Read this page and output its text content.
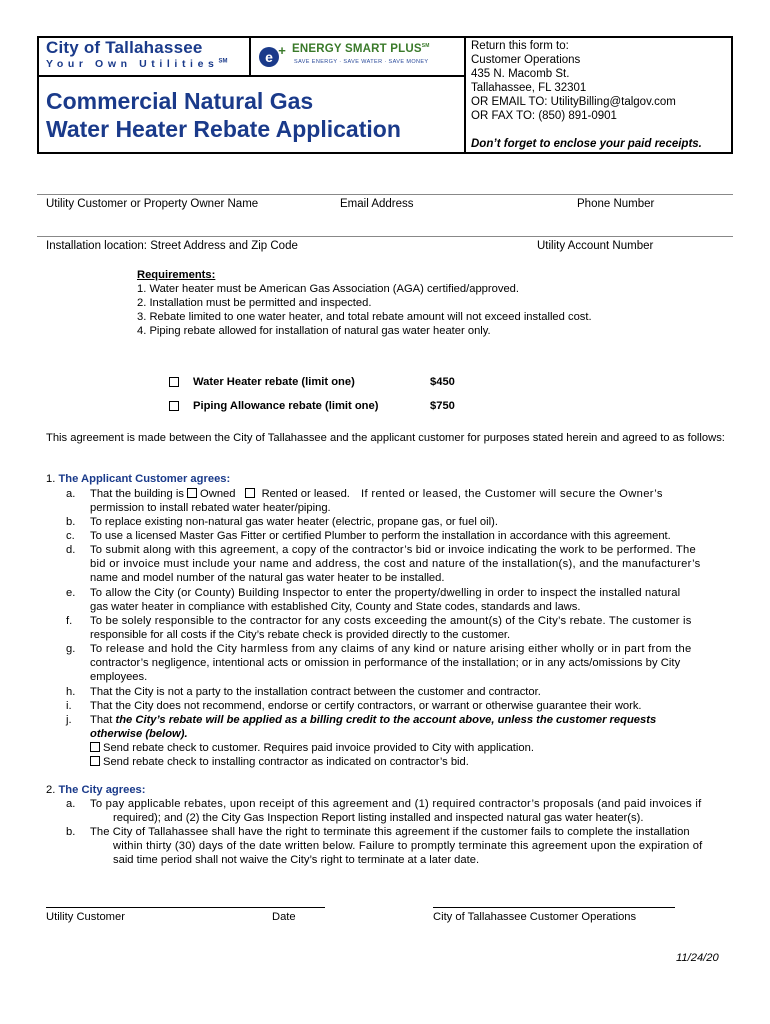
City of Tallahassee
Your Own Utilities℠	e + ENERGY SMART PLUS℠
SAVE ENERGY · SAVE WATER · SAVE MONEY
Commercial Natural Gas
Water Heater Rebate Application
Return this form to:
Customer Operations
435 N. Macomb St.
Tallahassee, FL 32301
OR EMAIL TO: UtilityBilling@talgov.com
OR FAX TO: (850) 891-0901
Don’t forget to enclose your paid receipts.
Utility Customer or Property Owner Name	Email Address	Phone Number
Installation location: Street Address and Zip Code	Utility Account Number
Requirements:
1. Water heater must be American Gas Association (AGA) certified/approved.
2. Installation must be permitted and inspected.
3. Rebate limited to one water heater, and total rebate amount will not exceed installed cost.
4. Piping rebate allowed for installation of natural gas water heater only.
Water Heater rebate (limit one)	$450
Piping Allowance rebate (limit one)	$750
This agreement is made between the City of Tallahassee and the applicant customer for purposes stated herein and agreed to as follows:
1. The Applicant Customer agrees:
a. That the building is Owned Rented or leased. If rented or leased, the Customer will secure the Owner’s
permission to install rebated water heater/piping.
b. To replace existing non-natural gas water heater (electric, propane gas, or fuel oil).
c. To use a licensed Master Gas Fitter or certified Plumber to perform the installation in accordance with this agreement.
d. To submit along with this agreement, a copy of the contractor’s bid or invoice indicating the work to be performed. The
bid or invoice must include your name and address, the cost and nature of the installation(s), and the manufacturer’s
name and model number of the natural gas water heater to be installed.
e. To allow the City (or County) Building Inspector to enter the property/dwelling in order to inspect the installed natural
gas water heater in compliance with established City, County and State codes, standards and laws.
f. To be solely responsible to the contractor for any costs exceeding the amount(s) of the City’s rebate. The customer is
responsible for all costs if the City’s rebate check is provided directly to the customer.
g. To release and hold the City harmless from any claims of any kind or nature arising either wholly or in part from the
contractor’s negligence, intentional acts or omission in performance of the installation; or in any acts/omissions by City
employees.
h. That the City is not a party to the installation contract between the customer and contractor.
i. That the City does not recommend, endorse or certify contractors, or warrant or otherwise guarantee their work.
j. That the City’s rebate will be applied as a billing credit to the account above, unless the customer requests
otherwise (below).
Send rebate check to customer. Requires paid invoice provided to City with application.
Send rebate check to installing contractor as indicated on contractor’s bid.
2. The City agrees:
a. To pay applicable rebates, upon receipt of this agreement and (1) required contractor’s proposals (and paid invoices if
required); and (2) the City Gas Inspection Report listing installed and inspected natural gas water heater(s).
b. The City of Tallahassee shall have the right to terminate this agreement if the customer fails to complete the installation
within thirty (30) days of the date written below. Failure to promptly terminate this agreement upon the expiration of
said time period shall not waive the City’s right to terminate at a later date.
Utility Customer	Date	City of Tallahassee Customer Operations
11/24/20
